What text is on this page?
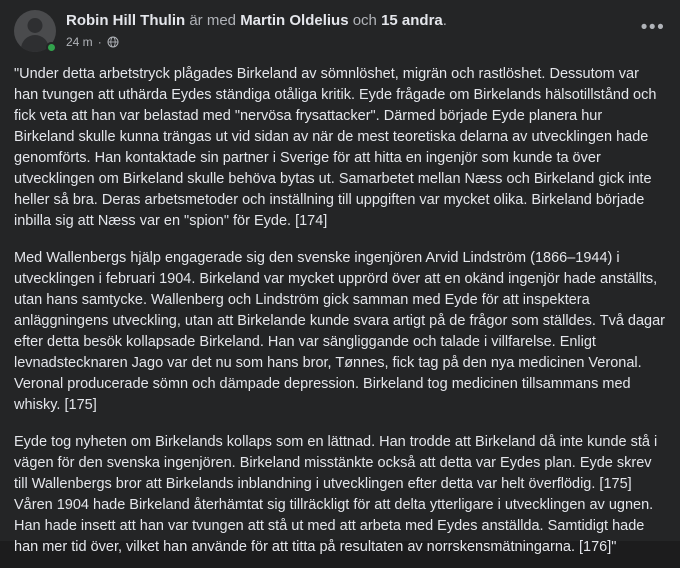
Robin Hill Thulin är med Martin Oldelius och 15 andra.
24 m ·
•••

"Under detta arbetstryck plågades Birkeland av sömnlöshet, migrän och rastlöshet. Dessutom var han tvungen att uthärda Eydes ständiga otåliga kritik. Eyde frågade om Birkelands hälsotillstånd och fick veta att han var belastad med "nervösa frysattacker". Därmed började Eyde planera hur Birkeland skulle kunna trängas ut vid sidan av när de mest teoretiska delarna av utvecklingen hade genomförts. Han kontaktade sin partner i Sverige för att hitta en ingenjör som kunde ta över utvecklingen om Birkeland skulle behöva bytas ut. Samarbetet mellan Næss och Birkeland gick inte heller så bra. Deras arbetsmetoder och inställning till uppgiften var mycket olika. Birkeland började inbilla sig att Næss var en "spion" för Eyde. [174]

Med Wallenbergs hjälp engagerade sig den svenske ingenjören Arvid Lindström (1866–1944) i utvecklingen i februari 1904. Birkeland var mycket upprörd över att en okänd ingenjör hade anställts, utan hans samtycke. Wallenberg och Lindström gick samman med Eyde för att inspektera anläggningens utveckling, utan att Birkelande kunde svara artigt på de frågor som ställdes. Två dagar efter detta besök kollapsade Birkeland. Han var sängliggande och talade i villfarelse. Enligt levnadstecknaren Jago var det nu som hans bror, Tønnes, fick tag på den nya medicinen Veronal. Veronal producerade sömn och dämpade depression. Birkeland tog medicinen tillsammans med whisky. [175]

Eyde tog nyheten om Birkelands kollaps som en lättnad. Han trodde att Birkeland då inte kunde stå i vägen för den svenska ingenjören. Birkeland misstänkte också att detta var Eydes plan. Eyde skrev till Wallenbergs bror att Birkelands inblandning i utvecklingen efter detta var helt överflödig. [175] Våren 1904 hade Birkeland återhämtat sig tillräckligt för att delta ytterligare i utvecklingen av ugnen. Han hade insett att han var tvungen att stå ut med att arbeta med Eydes anställda. Samtidigt hade han mer tid över, vilket han använde för att titta på resultaten av norrskensmätningarna. [176]"
